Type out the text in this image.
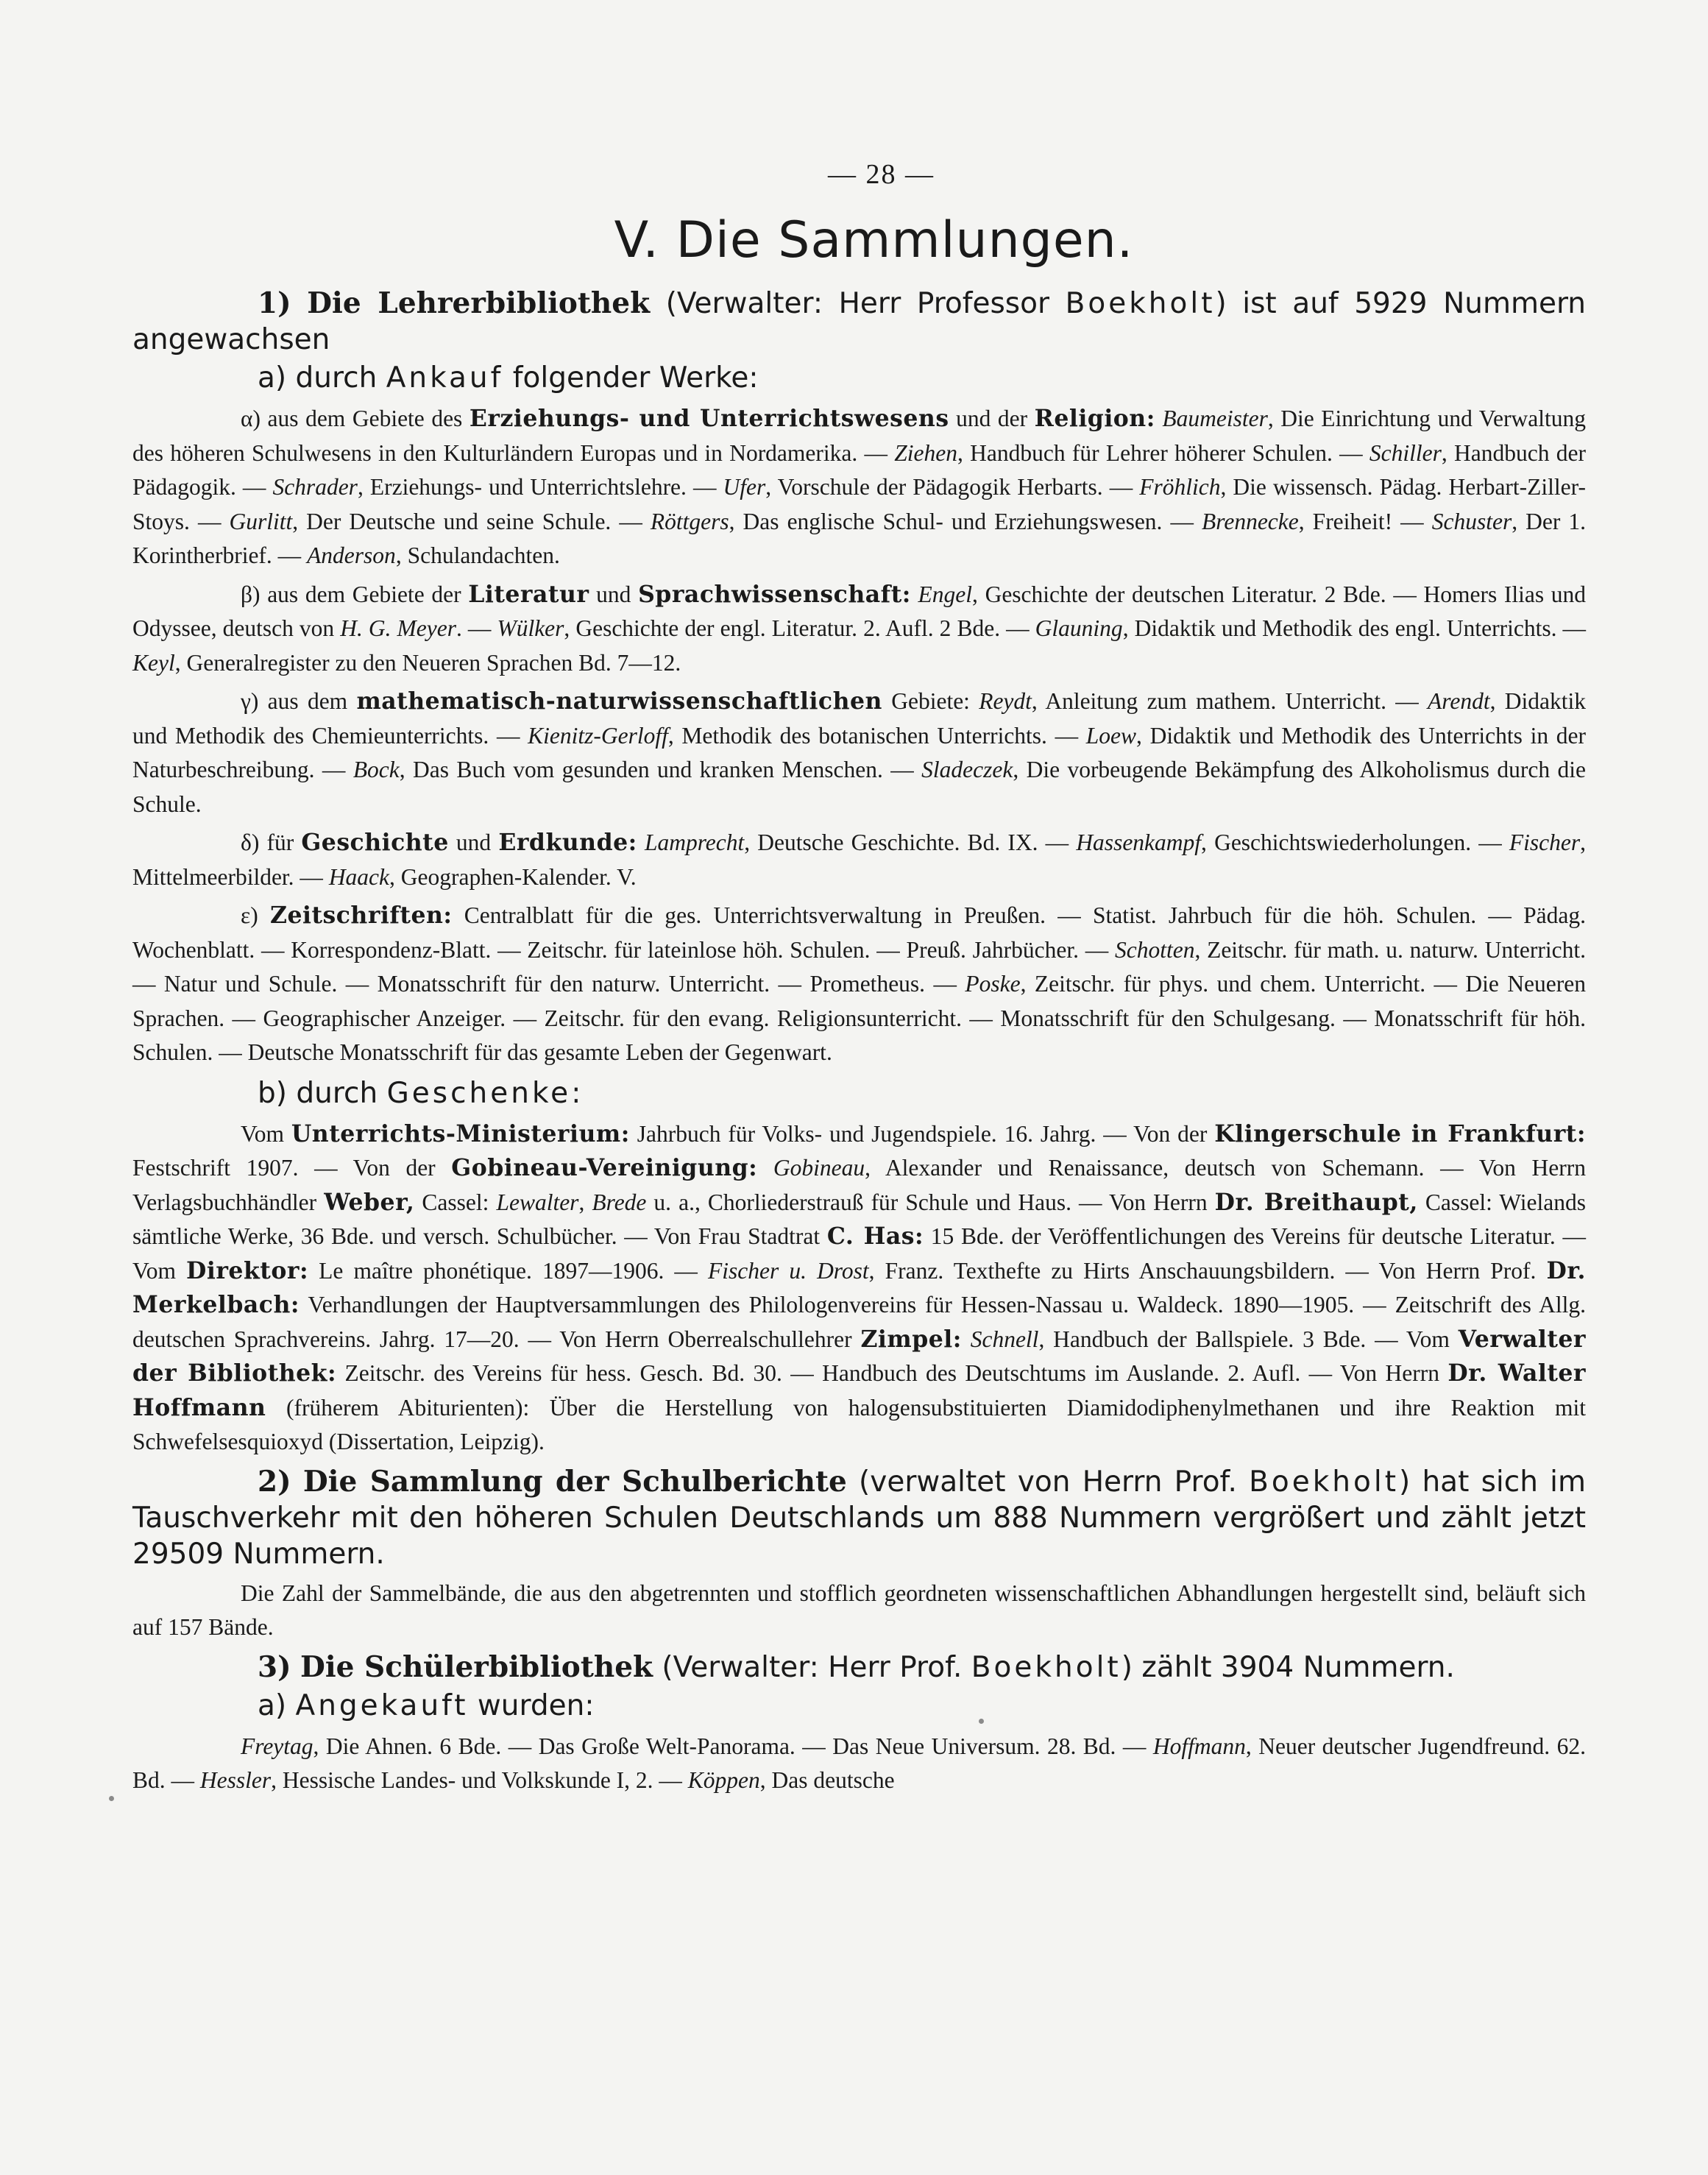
— 28 —
V. Die Sammlungen.

1) Die Lehrerbibliothek (Verwalter: Herr Professor Boekholt) ist auf 5929 Nummern angewachsen

a) durch Ankauf folgender Werke:

α) aus dem Gebiete des Erziehungs- und Unterrichtswesens und der Religion: Baumeister, Die Einrichtung und Verwaltung des höheren Schulwesens in den Kulturländern Europas und in Nordamerika. — Ziehen, Handbuch für Lehrer höherer Schulen. — Schiller, Handbuch der Pädagogik. — Schrader, Erziehungs- und Unterrichtslehre. — Ufer, Vorschule der Pädagogik Herbarts. — Fröhlich, Die wissensch. Pädag. Herbart-Ziller-Stoys. — Gurlitt, Der Deutsche und seine Schule. — Röttgers, Das englische Schul- und Erziehungswesen. — Brennecke, Freiheit! — Schuster, Der 1. Korintherbrief. — Anderson, Schulandachten.

β) aus dem Gebiete der Literatur und Sprachwissenschaft: Engel, Geschichte der deutschen Literatur. 2 Bde. — Homers Ilias und Odyssee, deutsch von H. G. Meyer. — Wülker, Geschichte der engl. Literatur. 2. Aufl. 2 Bde. — Glauning, Didaktik und Methodik des engl. Unterrichts. — Keyl, Generalregister zu den Neueren Sprachen Bd. 7—12.

γ) aus dem mathematisch-naturwissenschaftlichen Gebiete: Reydt, Anleitung zum mathem. Unterricht. — Arendt, Didaktik und Methodik des Chemieunterrichts. — Kienitz-Gerloff, Methodik des botanischen Unterrichts. — Loew, Didaktik und Methodik des Unterrichts in der Naturbeschreibung. — Bock, Das Buch vom gesunden und kranken Menschen. — Sladeczek, Die vorbeugende Bekämpfung des Alkoholismus durch die Schule.

δ) für Geschichte und Erdkunde: Lamprecht, Deutsche Geschichte. Bd. IX. — Hassenkampf, Geschichtswiederholungen. — Fischer, Mittelmeerbilder. — Haack, Geographen-Kalender. V.

ε) Zeitschriften: Centralblatt für die ges. Unterrichtsverwaltung in Preußen. — Statist. Jahrbuch für die höh. Schulen. — Pädag. Wochenblatt. — Korrespondenz-Blatt. — Zeitschr. für lateinlose höh. Schulen. — Preuß. Jahrbücher. — Schotten, Zeitschr. für math. u. naturw. Unterricht. — Natur und Schule. — Monatsschrift für den naturw. Unterricht. — Prometheus. — Poske, Zeitschr. für phys. und chem. Unterricht. — Die Neueren Sprachen. — Geographischer Anzeiger. — Zeitschr. für den evang. Religionsunterricht. — Monatsschrift für den Schulgesang. — Monatsschrift für höh. Schulen. — Deutsche Monatsschrift für das gesamte Leben der Gegenwart.

b) durch Geschenke:

Vom Unterrichts-Ministerium: Jahrbuch für Volks- und Jugendspiele. 16. Jahrg. — Von der Klingerschule in Frankfurt: Festschrift 1907. — Von der Gobineau-Vereinigung: Gobineau, Alexander und Renaissance, deutsch von Schemann. — Von Herrn Verlagsbuchhändler Weber, Cassel: Lewalter, Brede u. a., Chorliederstrauß für Schule und Haus. — Von Herrn Dr. Breithaupt, Cassel: Wielands sämtliche Werke, 36 Bde. und versch. Schulbücher. — Von Frau Stadtrat C. Has: 15 Bde. der Veröffentlichungen des Vereins für deutsche Literatur. — Vom Direktor: Le maître phonétique. 1897—1906. — Fischer u. Drost, Franz. Texthefte zu Hirts Anschauungsbildern. — Von Herrn Prof. Dr. Merkelbach: Verhandlungen der Hauptversammlungen des Philologenvereins für Hessen-Nassau u. Waldeck. 1890—1905. — Zeitschrift des Allg. deutschen Sprachvereins. Jahrg. 17—20. — Von Herrn Oberrealschullehrer Zimpel: Schnell, Handbuch der Ballspiele. 3 Bde. — Vom Verwalter der Bibliothek: Zeitschr. des Vereins für hess. Gesch. Bd. 30. — Handbuch des Deutschtums im Auslande. 2. Aufl. — Von Herrn Dr. Walter Hoffmann (früherem Abiturienten): Über die Herstellung von halogensubstituierten Diamidodiphenylmethanen und ihre Reaktion mit Schwefelsesquioxyd (Dissertation, Leipzig).

2) Die Sammlung der Schulberichte (verwaltet von Herrn Prof. Boekholt) hat sich im Tauschverkehr mit den höheren Schulen Deutschlands um 888 Nummern vergrößert und zählt jetzt 29509 Nummern.

Die Zahl der Sammelbände, die aus den abgetrennten und stofflich geordneten wissenschaftlichen Abhandlungen hergestellt sind, beläuft sich auf 157 Bände.

3) Die Schülerbibliothek (Verwalter: Herr Prof. Boekholt) zählt 3904 Nummern.

a) Angekauft wurden:

Freytag, Die Ahnen. 6 Bde. — Das Große Welt-Panorama. — Das Neue Universum. 28. Bd. — Hoffmann, Neuer deutscher Jugendfreund. 62. Bd. — Hessler, Hessische Landes- und Volkskunde I, 2. — Köppen, Das deutsche
